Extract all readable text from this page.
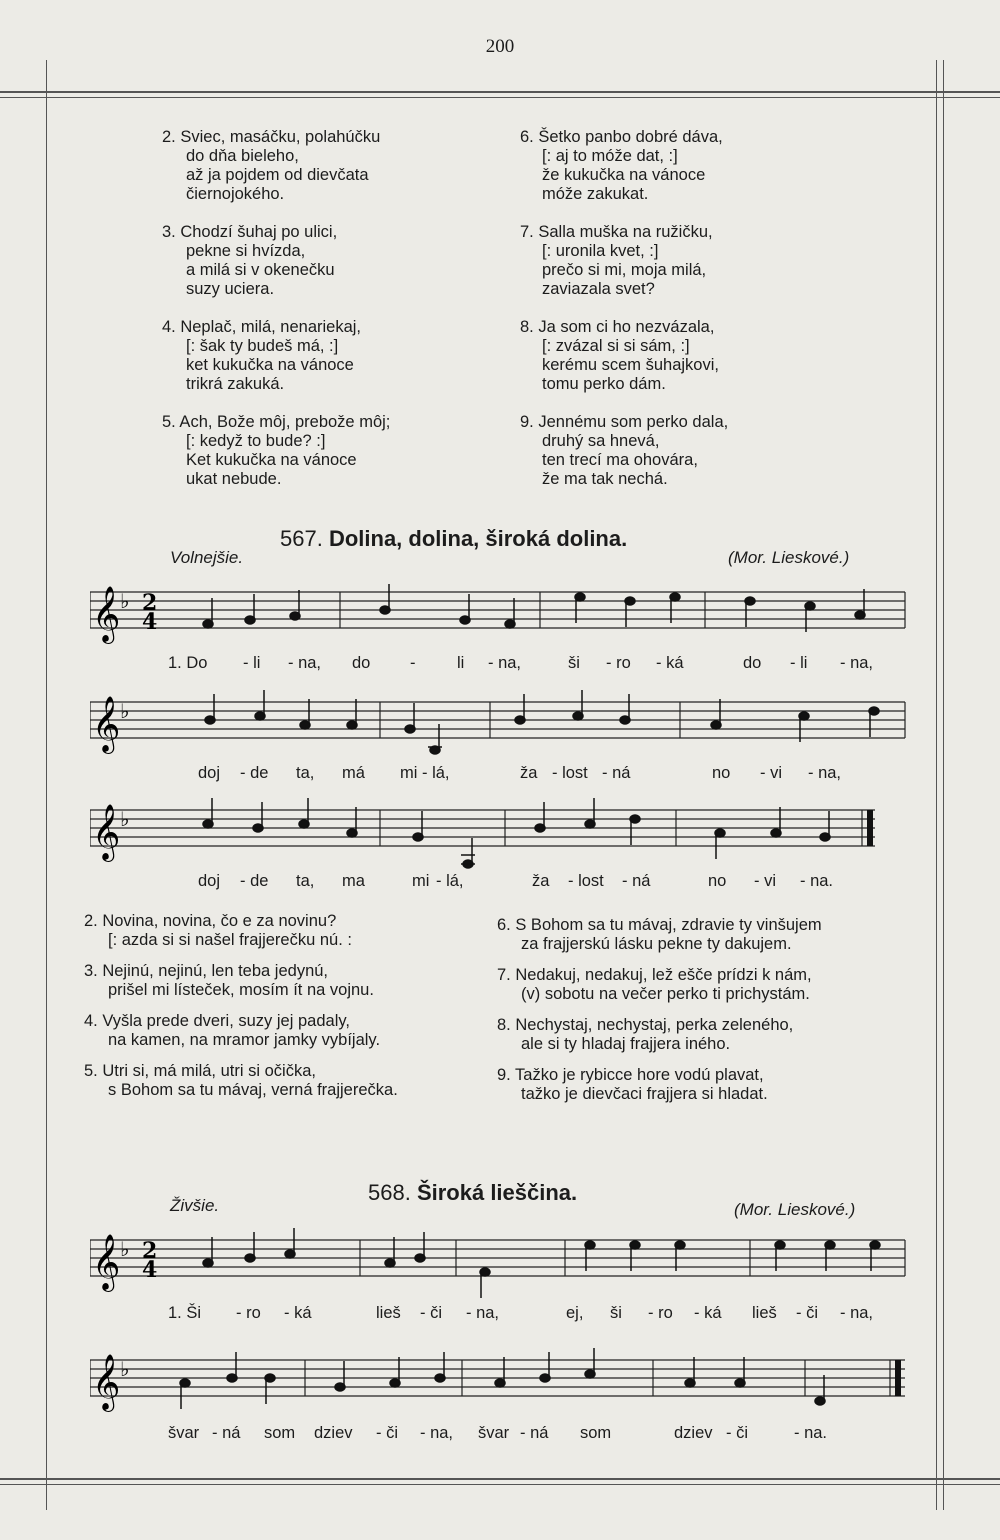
200
2. Sviec, masáčku, polahúčku
do dňa bieleho,
až ja pojdem od dievčata
čiernojokého.
3. Chodzí šuhaj po ulici,
pekne si hvízda,
a milá si v okenečku
suzy uciera.
4. Neplač, milá, nenariekaj,
[: šak ty budeš má, :]
ket kukučka na vánoce
trikrá zakuká.
5. Ach, Bože môj, prebože môj;
[: kedyž to bude? :]
Ket kukučka na vánoce
ukat nebude.
6. Šetko panbo dobré dáva,
[: aj to móže dat, :]
že kukučka na vánoce
móže zakukat.
7. Salla muška na ružičku,
[: uronila kvet, :]
prečo si mi, moja milá,
zaviazala svet?
8. Ja som ci ho nezvázala,
[: zvázal si si sám, :]
kerému scem šuhajkovi,
tomu perko dám.
9. Jennému som perko dala,
druhý sa hnevá,
ten trecí ma ohovára,
že ma tak nechá.
567. Dolina, dolina, široká dolina.
Volnejšie.	(Mor. Lieskové.)
𝄞 ♭ 2
4
1. Do - li - na, do -	li - na,	ši - ro - ká	do - li - na,
𝄞 ♭
doj - de ta, má mi - lá,	ža - lost - ná	no - vi - na,
𝄞 ♭
doj - de ta, ma	mi - lá,	ža - lost - ná	no - vi - na.
2. Novina, novina, čo e za novinu?
[: azda si si našel frajjerečku nú. :
3. Nejinú, nejinú, len teba jedynú,
prišel mi lísteček, mosím ít na vojnu.
4. Vyšla prede dveri, suzy jej padaly,
na kamen, na mramor jamky vybíjaly.
5. Utri si, má milá, utri si očička,
s Bohom sa tu mávaj, verná frajjerečka.
6. S Bohom sa tu mávaj, zdravie ty vinšujem
za frajjerskú lásku pekne ty dakujem.
7. Nedakuj, nedakuj, lež ešče prídzi k nám,
(v) sobotu na večer perko ti prichystám.
8. Nechystaj, nechystaj, perka zeleného,
ale si ty hladaj frajjera iného.
9. Tažko je rybicce hore vodú plavat,
tažko je dievčaci frajjera si hladat.
568. Široká lieščina.
Živšie.	(Mor. Lieskové.)
𝄞 ♭ 2
4
1. Ši - ro - ká	lieš - či - na,	ej, ši - ro - ká lieš - či - na,
𝄞 ♭
švar - ná som dziev - či - na, švar - ná som	dziev - či	- na.
